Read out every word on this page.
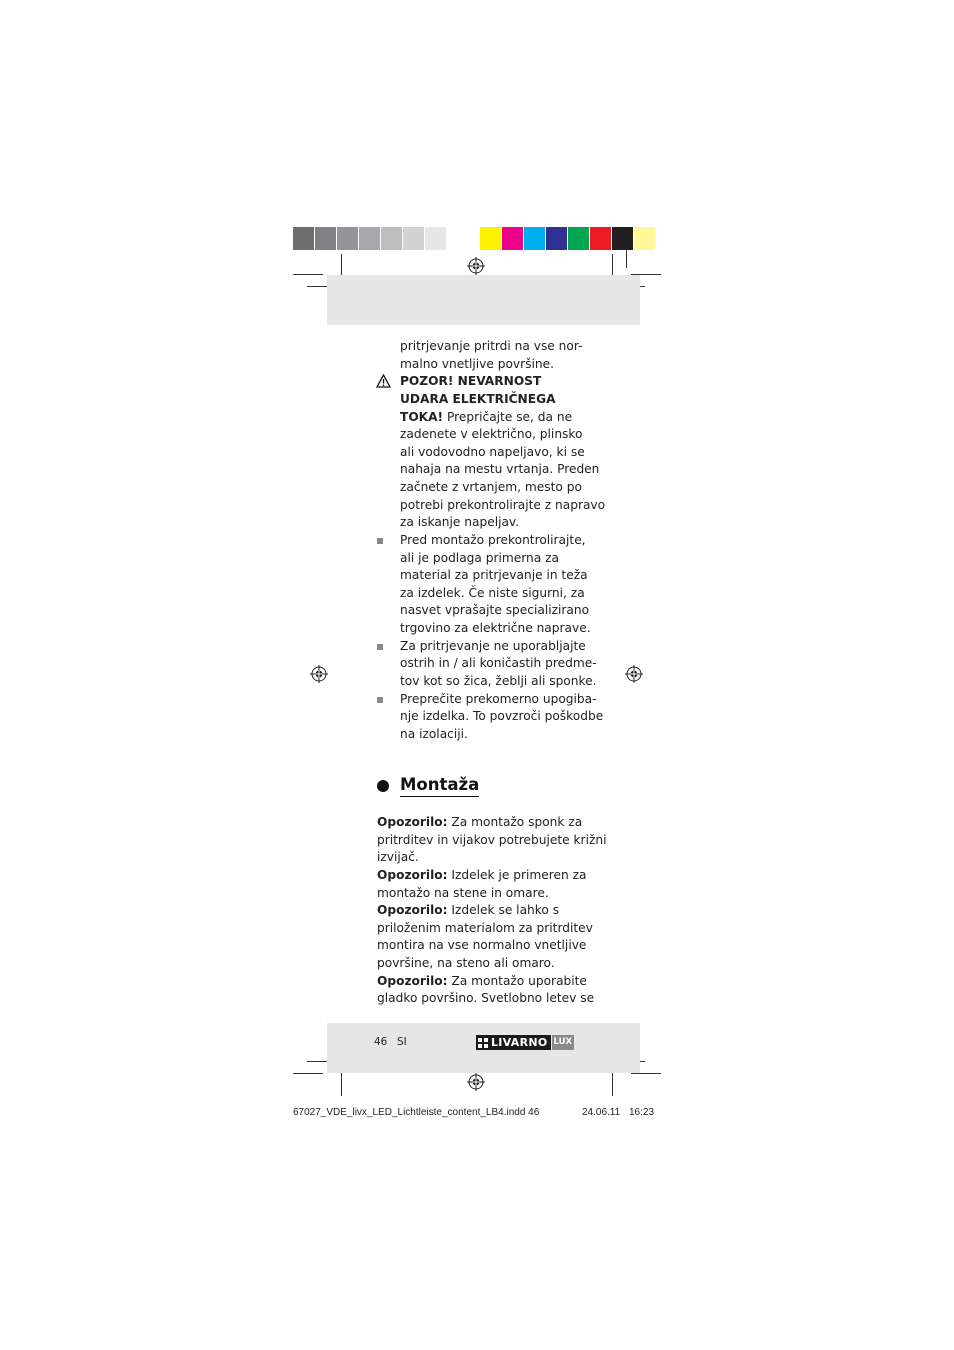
pritrjevanje pritrdi na vse nor-
malno vnetljive površine.
POZOR! NEVARNOST
UDARA ELEKTRIČNEGA
TOKA! Prepričajte se, da ne
zadenete v električno, plinsko
ali vodovodno napeljavo, ki se
nahaja na mestu vrtanja. Preden
začnete z vrtanjem, mesto po
potrebi prekontrolirajte z napravo
za iskanje napeljav.
Pred montažo prekontrolirajte,
ali je podlaga primerna za
material za pritrjevanje in teža
za izdelek. Če niste sigurni, za
nasvet vprašajte specializirano
trgovino za električne naprave.
Za pritrjevanje ne uporabljajte
ostrih in / ali koničastih predme-
tov kot so žica, žeblji ali sponke.
Preprečite prekomerno upogiba-
nje izdelka. To povzroči poškodbe
na izolaciji.
Montaža
Opozorilo: Za montažo sponk za
pritrditev in vijakov potrebujete križni
izvijač.
Opozorilo: Izdelek je primeren za
montažo na stene in omare.
Opozorilo: Izdelek se lahko s
priloženim materialom za pritrditev
montira na vse normalno vnetljive
površine, na steno ali omaro.
Opozorilo: Za montažo uporabite
gladko površino. Svetlobno letev se
46 SI	LIVARNO LUX
67027_VDE_livx_LED_Lichtleiste_content_LB4.indd 46	24.06.11 16:23
